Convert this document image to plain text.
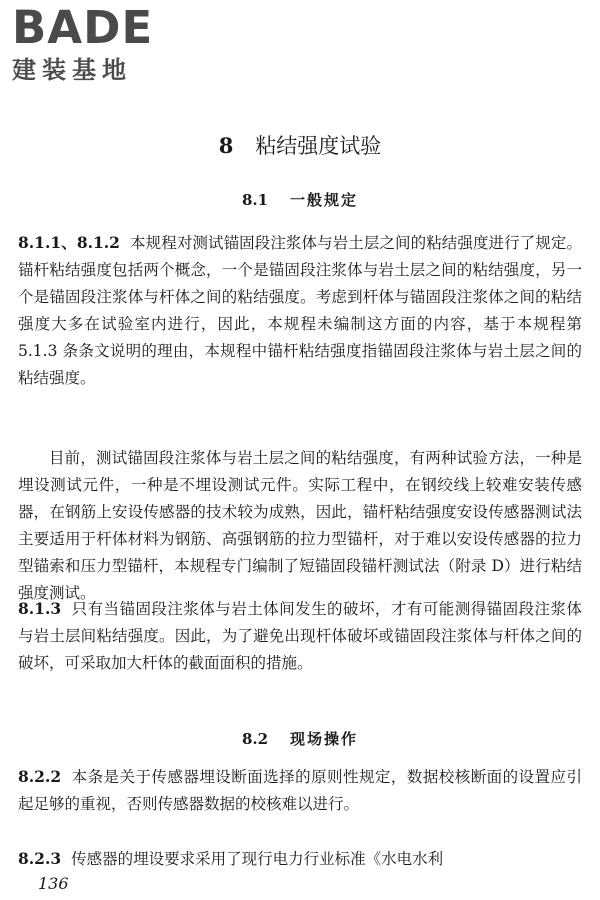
BADE
建装基地
8 粘结强度试验
8.1 一般规定

8.1.1、8.1.2 本规程对测试锚固段注浆体与岩土层之间的粘结强度进行了规定。锚杆粘结强度包括两个概念，一个是锚固段注浆体与岩土层之间的粘结强度，另一个是锚固段注浆体与杆体之间的粘结强度。考虑到杆体与锚固段注浆体之间的粘结强度大多在试验室内进行，因此，本规程未编制这方面的内容，基于本规程第 5.1.3 条条文说明的理由，本规程中锚杆粘结强度指锚固段注浆体与岩土层之间的粘结强度。

目前，测试锚固段注浆体与岩土层之间的粘结强度，有两种试验方法，一种是埋设测试元件，一种是不埋设测试元件。实际工程中，在钢绞线上较难安装传感器，在钢筋上安设传感器的技术较为成熟，因此，锚杆粘结强度安设传感器测试法主要适用于杆体材料为钢筋、高强钢筋的拉力型锚杆，对于难以安设传感器的拉力型锚索和压力型锚杆，本规程专门编制了短锚固段锚杆测试法（附录 D）进行粘结强度测试。

8.1.3 只有当锚固段注浆体与岩土体间发生的破坏，才有可能测得锚固段注浆体与岩土层间粘结强度。因此，为了避免出现杆体破坏或锚固段注浆体与杆体之间的破坏，可采取加大杆体的截面面积的措施。

8.2 现场操作

8.2.2 本条是关于传感器埋设断面选择的原则性规定，数据校核断面的设置应引起足够的重视，否则传感器数据的校核难以进行。

8.2.3 传感器的埋设要求采用了现行电力行业标准《水电水利

136
